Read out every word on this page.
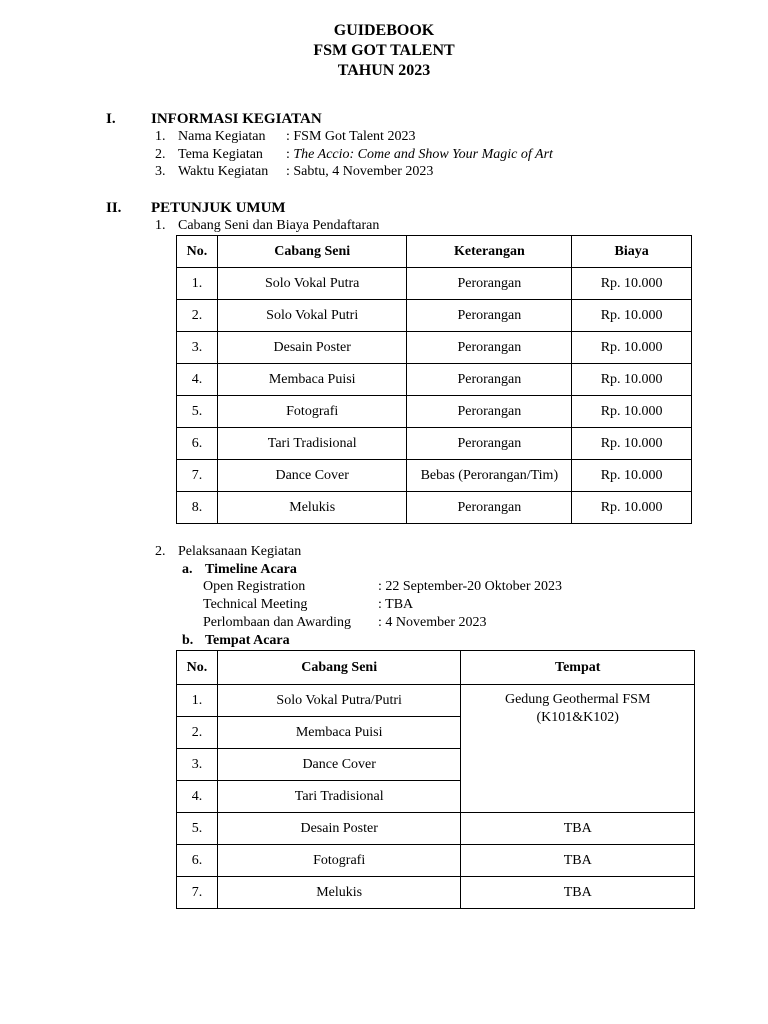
GUIDEBOOK
FSM GOT TALENT
TAHUN 2023
I. INFORMASI KEGIATAN
1. Nama Kegiatan : FSM Got Talent 2023
2. Tema Kegiatan : The Accio: Come and Show Your Magic of Art
3. Waktu Kegiatan : Sabtu, 4 November 2023
II. PETUNJUK UMUM
1. Cabang Seni dan Biaya Pendaftaran
No.	Cabang Seni	Keterangan	Biaya
1.	Solo Vokal Putra	Perorangan	Rp. 10.000
2.	Solo Vokal Putri	Perorangan	Rp. 10.000
3.	Desain Poster	Perorangan	Rp. 10.000
4.	Membaca Puisi	Perorangan	Rp. 10.000
5.	Fotografi	Perorangan	Rp. 10.000
6.	Tari Tradisional	Perorangan	Rp. 10.000
7.	Dance Cover	Bebas (Perorangan/Tim)	Rp. 10.000
8.	Melukis	Perorangan	Rp. 10.000
2. Pelaksanaan Kegiatan
a. Timeline Acara
Open Registration	: 22 September-20 Oktober 2023
Technical Meeting	: TBA
Perlombaan dan Awarding : 4 November 2023
b. Tempat Acara
No.	Cabang Seni	Tempat
1.	Solo Vokal Putra/Putri	Gedung Geothermal FSM
(K101&K102)

2.	Membaca Puisi	
3.	Dance Cover	
4.	Tari Tradisional	
5.	Desain Poster	TBA
6.	Fotografi	TBA
7.	Melukis	TBA
